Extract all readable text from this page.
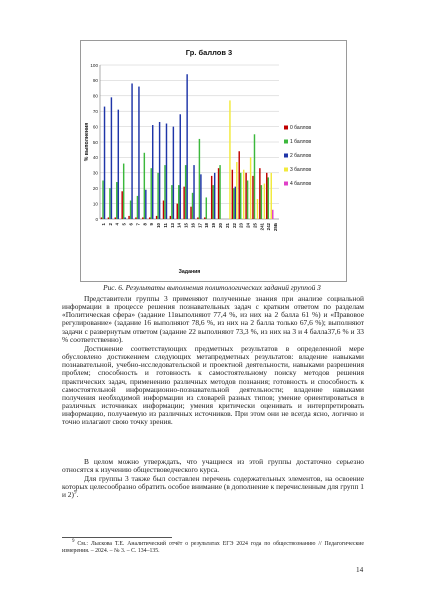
Гр. баллов 3
0
10
20
30
40
50
60
70
80
90
100
% выполнения
1 2 4 5 6 7 8 9 10 11 13 14 15 16 17 18 19 20 21 22 23 24 25 241 242 25Б
Задания
0 баллов
1 баллов
2 баллов
3 баллов
4 баллов
Рис. 6. Результаты выполнения политологических заданий группой 3

Представители группы 3 применяют полученные знания при анализе социальной информации в процессе решения познавательных задач с кратким ответом по разделам «Политическая сфера» (задание 11выполняют 77,4 %, из них на 2 балла 61 %) и «Правовое регулирование» (задание 16 выполняют 78,6 %, из них на 2 балла только 67,6 %); выполняют задачи с развернутым ответом (задание 22 выполняют 73,3 %, из них на 3 и 4 балла37,6 % и 33 % соответственно).

Достижение соответствующих предметных результатов в определенной мере обусловлено достижением следующих метапредметных результатов: владение навыками познавательной, учебно-исследовательской и проектной деятельности, навыками разрешения проблем; способность и готовность к самостоятельному поиску методов решения практических задач, применению различных методов познания; готовность и способность к самостоятельной информационно-познавательной деятельности; владение навыками получения необходимой информации из словарей разных типов; умение ориентироваться в различных источниках информации; умения критически оценивать и интерпретировать информацию, получаемую из различных источников. При этом они не всегда ясно, логично и точно излагают свою точку зрения.

В целом можно утверждать, что учащиеся из этой группы достаточно серьезно относятся к изучению обществоведческого курса.

Для группы 3 также был составлен перечень содержательных элементов, на освоение которых целесообразно обратить особое внимание (в дополнение к перечисленным для групп 1 и 2)$^9$.

$^9$ См.: Лыскова Т.Е. Аналитический отчёт о результатах ЕГЭ 2024 года по обществознанию // Педагогические измерения. – 2024. – № 3. – С. 134–135.

14
